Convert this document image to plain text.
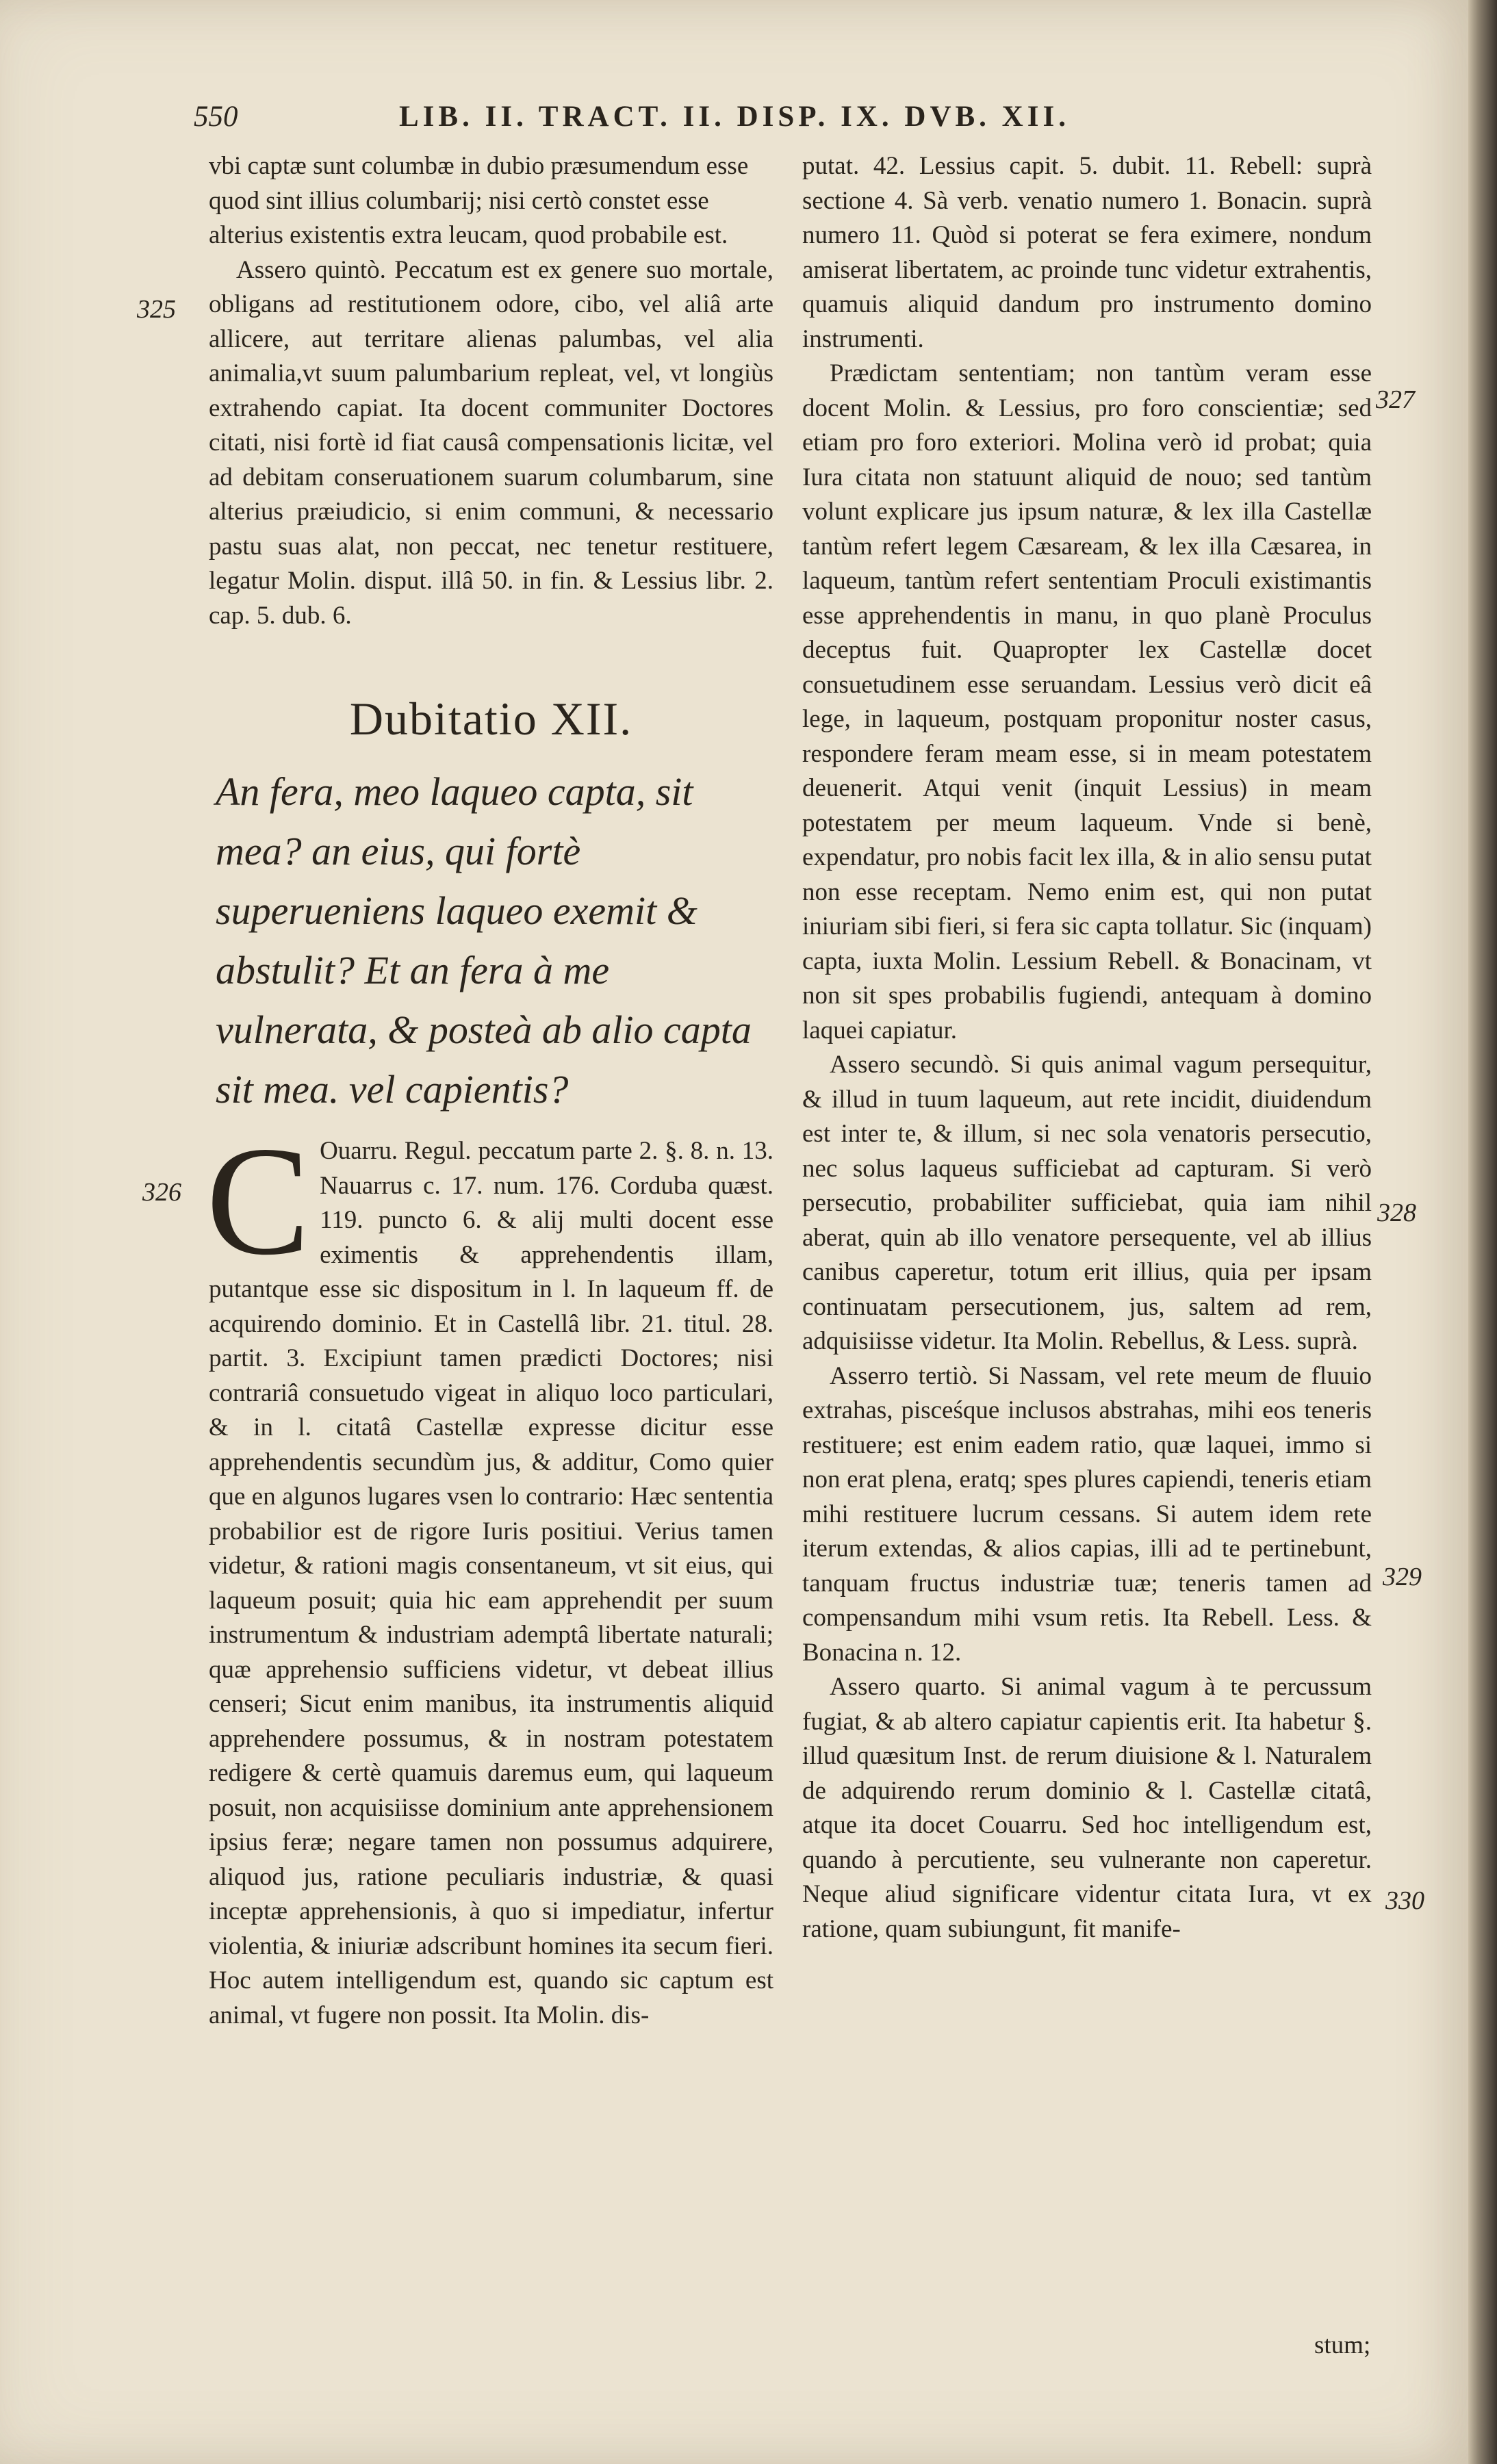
550	LIB. II. TRACT. II. DISP. IX. DVB. XII.

vbi captæ sunt columbæ in dubio præsumendum esse quod sint illius columbarij; nisi certò constet esse alterius existentis extra leucam, quod probabile est.

Assero quintò. Peccatum est ex genere suo mortale, obligans ad restitutionem odore, cibo, vel aliâ arte allicere, aut territare alienas palumbas, vel alia animalia,vt suum palumbarium repleat, vel, vt longiùs extrahendo capiat. Ita docent communiter Doctores citati, nisi fortè id fiat causâ compensationis licitæ, vel ad debitam conseruationem suarum columbarum, sine alterius præiudicio, si enim communi, & necessario pastu suas alat, non peccat, nec tenetur restituere, legatur Molin. disput. illâ 50. in fin. & Lessius libr. 2. cap. 5. dub. 6.

Dubitatio XII.
An fera, meo laqueo capta, sit mea? an eius, qui fortè superueniens laqueo exemit & abstulit? Et an fera à me vulnerata, & posteà ab alio capta sit mea. vel capientis?

C Ouarru. Regul. peccatum parte 2. §. 8. n. 13. Nauarrus c. 17. num. 176. Corduba quæst. 119. puncto 6. & alij multi docent esse eximentis & apprehendentis illam, putantque esse sic dispositum in l. In laqueum ff. de acquirendo dominio. Et in Castellâ libr. 21. titul. 28. partit. 3. Excipiunt tamen prædicti Doctores; nisi contrariâ consuetudo vigeat in aliquo loco particulari, & in l. citatâ Castellæ expresse dicitur esse apprehendentis secundùm jus, & additur, Como quier que en algunos lugares vsen lo contrario: Hæc sententia probabilior est de rigore Iuris positiui. Verius tamen videtur, & rationi magis consentaneum, vt sit eius, qui laqueum posuit; quia hic eam apprehendit per suum instrumentum & industriam ademptâ libertate naturali; quæ apprehensio sufficiens videtur, vt debeat illius censeri; Sicut enim manibus, ita instrumentis aliquid apprehendere possumus, & in nostram potestatem redigere & certè quamuis daremus eum, qui laqueum posuit, non acquisiisse dominium ante apprehensionem ipsius feræ; negare tamen non possumus adquirere, aliquod jus, ratione peculiaris industriæ, & quasi inceptæ apprehensionis, à quo si impediatur, infertur violentia, & iniuriæ adscribunt homines ita secum fieri. Hoc autem intelligendum est, quando sic captum est animal, vt fugere non possit. Ita Molin. dis-

putat. 42. Lessius capit. 5. dubit. 11. Rebell: suprà sectione 4. Sà verb. venatio numero 1. Bonacin. suprà numero 11. Quòd si poterat se fera eximere, nondum amiserat libertatem, ac proinde tunc videtur extrahentis, quamuis aliquid dandum pro instrumento domino instrumenti.

Prædictam sententiam; non tantùm veram esse docent Molin. & Lessius, pro foro conscientiæ; sed etiam pro foro exteriori. Molina verò id probat; quia Iura citata non statuunt aliquid de nouo; sed tantùm volunt explicare jus ipsum naturæ, & lex illa Castellæ tantùm refert legem Cæsaream, & lex illa Cæsarea, in laqueum, tantùm refert sententiam Proculi existimantis esse apprehendentis in manu, in quo planè Proculus deceptus fuit. Quapropter lex Castellæ docet consuetudinem esse seruandam. Lessius verò dicit eâ lege, in laqueum, postquam proponitur noster casus, respondere feram meam esse, si in meam potestatem deuenerit. Atqui venit (inquit Lessius) in meam potestatem per meum laqueum. Vnde si benè, expendatur, pro nobis facit lex illa, & in alio sensu putat non esse receptam. Nemo enim est, qui non putat iniuriam sibi fieri, si fera sic capta tollatur. Sic (inquam) capta, iuxta Molin. Lessium Rebell. & Bonacinam, vt non sit spes probabilis fugiendi, antequam à domino laquei capiatur.

Assero secundò. Si quis animal vagum persequitur, & illud in tuum laqueum, aut rete incidit, diuidendum est inter te, & illum, si nec sola venatoris persecutio, nec solus laqueus sufficiebat ad capturam. Si verò persecutio, probabiliter sufficiebat, quia iam nihil aberat, quin ab illo venatore persequente, vel ab illius canibus caperetur, totum erit illius, quia per ipsam continuatam persecutionem, jus, saltem ad rem, adquisiisse videtur. Ita Molin. Rebellus, & Less. suprà.

Asserro tertiò. Si Nassam, vel rete meum de fluuio extrahas, pisceśque inclusos abstrahas, mihi eos teneris restituere; est enim eadem ratio, quæ laquei, immo si non erat plena, eratq; spes plures capiendi, teneris etiam mihi restituere lucrum cessans. Si autem idem rete iterum extendas, & alios capias, illi ad te pertinebunt, tanquam fructus industriæ tuæ; teneris tamen ad compensandum mihi vsum retis. Ita Rebell. Less. & Bonacina n. 12.

Assero quarto. Si animal vagum à te percussum fugiat, & ab altero capiatur capientis erit. Ita habetur §. illud quæsitum Inst. de rerum diuisione & l. Naturalem de adquirendo rerum dominio & l. Castellæ citatâ, atque ita docet Couarru. Sed hoc intelligendum est, quando à percutiente, seu vulnerante non caperetur. Neque aliud significare videntur citata Iura, vt ex ratione, quam subiungunt, fit manife-

stum;
325
326
327
328
329
330
